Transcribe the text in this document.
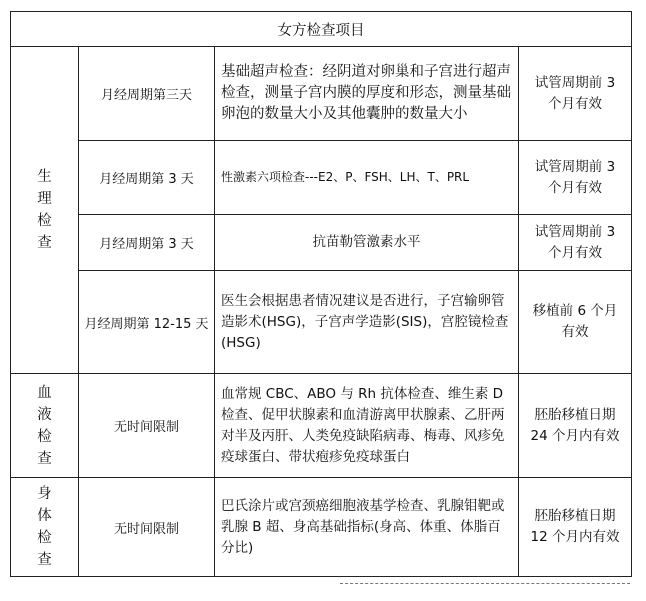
女方检查项目			

生
理
检
查	月经周期第三天	基础超声检查：经阴道对卵巢和子宫进行超声检查，测量子宫内膜的厚度和形态，测量基础卵泡的数量大小及其他囊肿的数量大小	试管周期前 3 个月有效
	月经周期第 3 天	性激素六项检查---E2、P、FSH、LH、T、PRL	试管周期前 3 个月有效
	月经周期第 3 天	抗苗勒管激素水平	试管周期前 3 个月有效
	月经周期第 12-15 天	医生会根据患者情况建议是否进行，子宫输卵管造影术(HSG)，子宫声学造影(SIS)，宫腔镜检查(HSG)	移植前 6 个月有效

血
液
检
查	无时间限制	血常规 CBC、ABO 与 Rh 抗体检查、维生素 D 检查、促甲状腺素和血清游离甲状腺素、乙肝两对半及丙肝、人类免疫缺陷病毒、梅毒、风疹免疫球蛋白、带状疱疹免疫球蛋白	胚胎移植日期 24 个月内有效

身
体
检
查	无时间限制	巴氏涂片或宫颈癌细胞液基学检查、乳腺钼靶或乳腺 B 超、身高基础指标(身高、体重、体脂百分比)	胚胎移植日期 12 个月内有效
